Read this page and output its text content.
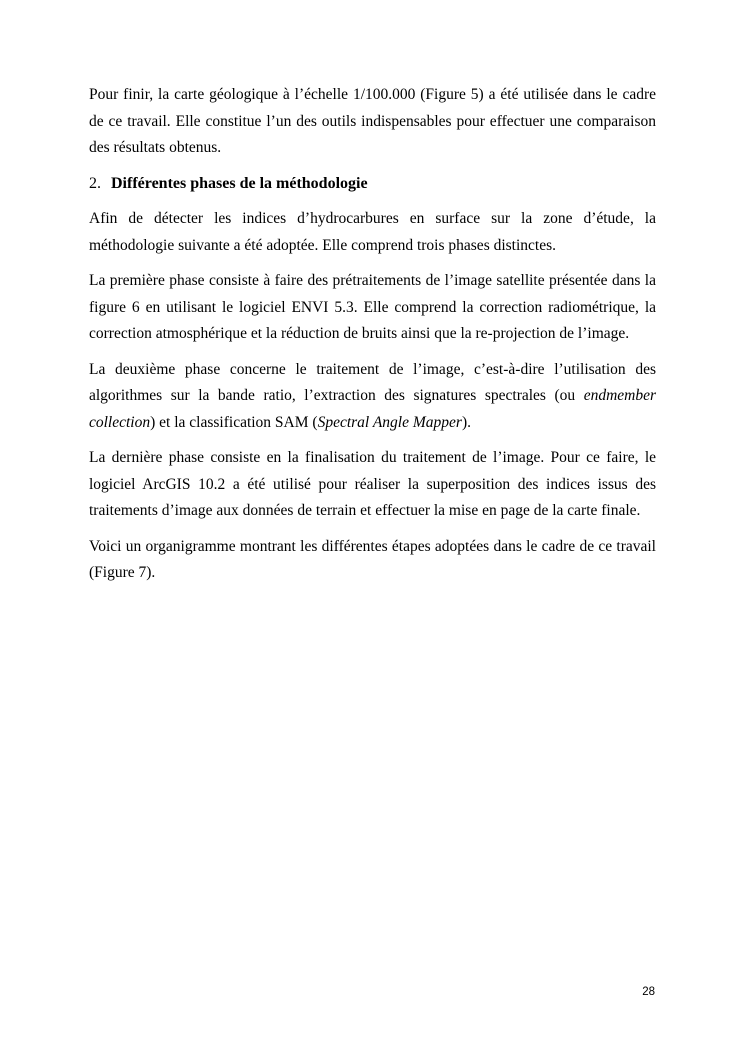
Pour finir, la carte géologique à l’échelle 1/100.000 (Figure 5) a été utilisée dans le cadre de ce travail. Elle constitue l’un des outils indispensables pour effectuer une comparaison des résultats obtenus.

2. Différentes phases de la méthodologie

Afin de détecter les indices d’hydrocarbures en surface sur la zone d’étude, la méthodologie suivante a été adoptée. Elle comprend trois phases distinctes.

La première phase consiste à faire des prétraitements de l’image satellite présentée dans la figure 6 en utilisant le logiciel ENVI 5.3. Elle comprend la correction radiométrique, la correction atmosphérique et la réduction de bruits ainsi que la re-projection de l’image.

La deuxième phase concerne le traitement de l’image, c’est-à-dire l’utilisation des algorithmes sur la bande ratio, l’extraction des signatures spectrales (ou endmember collection) et la classification SAM (Spectral Angle Mapper).

La dernière phase consiste en la finalisation du traitement de l’image. Pour ce faire, le logiciel ArcGIS 10.2 a été utilisé pour réaliser la superposition des indices issus des traitements d’image aux données de terrain et effectuer la mise en page de la carte finale.

Voici un organigramme montrant les différentes étapes adoptées dans le cadre de ce travail (Figure 7).

28
